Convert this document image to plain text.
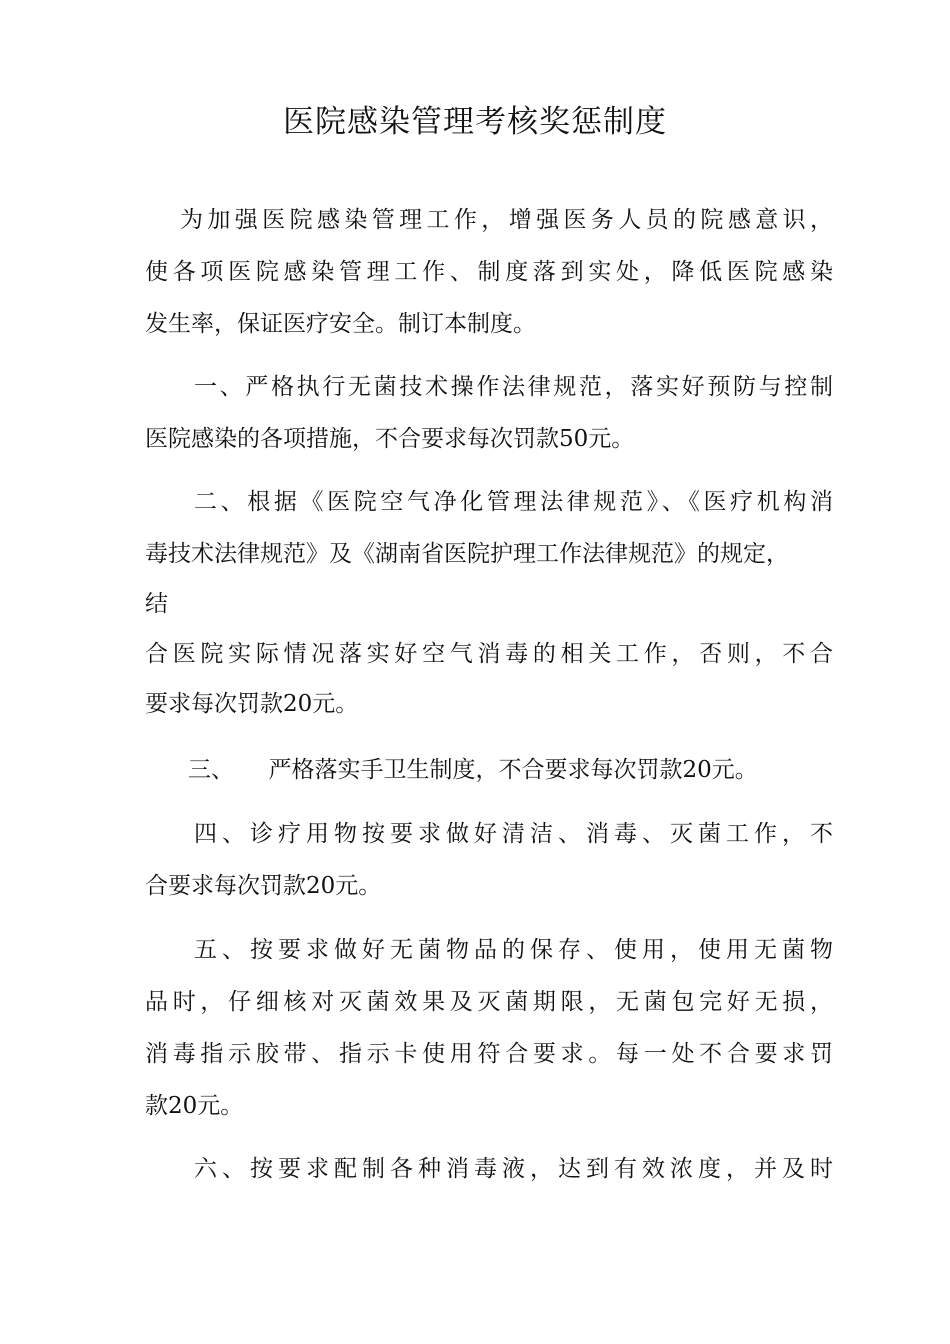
医院感染管理考核奖惩制度
为加强医院感染管理工作，增强医务人员的院感意识，
使各项医院感染管理工作、制度落到实处，降低医院感染
发生率，保证医疗安全。制订本制度。
一、严格执行无菌技术操作法律规范，落实好预防与控制
医院感染的各项措施，不合要求每次罚款50元。
二、根据《医院空气净化管理法律规范》、《医疗机构消
毒技术法律规范》及《湖南省医院护理工作法律规范》的规定，
结
合医院实际情况落实好空气消毒的相关工作，否则，不合
要求每次罚款20元。
三、　　严格落实手卫生制度，不合要求每次罚款20元。
四、诊疗用物按要求做好清洁、消毒、灭菌工作，不
合要求每次罚款20元。
五、按要求做好无菌物品的保存、使用，使用无菌物
品时，仔细核对灭菌效果及灭菌期限，无菌包完好无损，
消毒指示胶带、指示卡使用符合要求。每一处不合要求罚
款20元。
六、按要求配制各种消毒液，达到有效浓度，并及时
